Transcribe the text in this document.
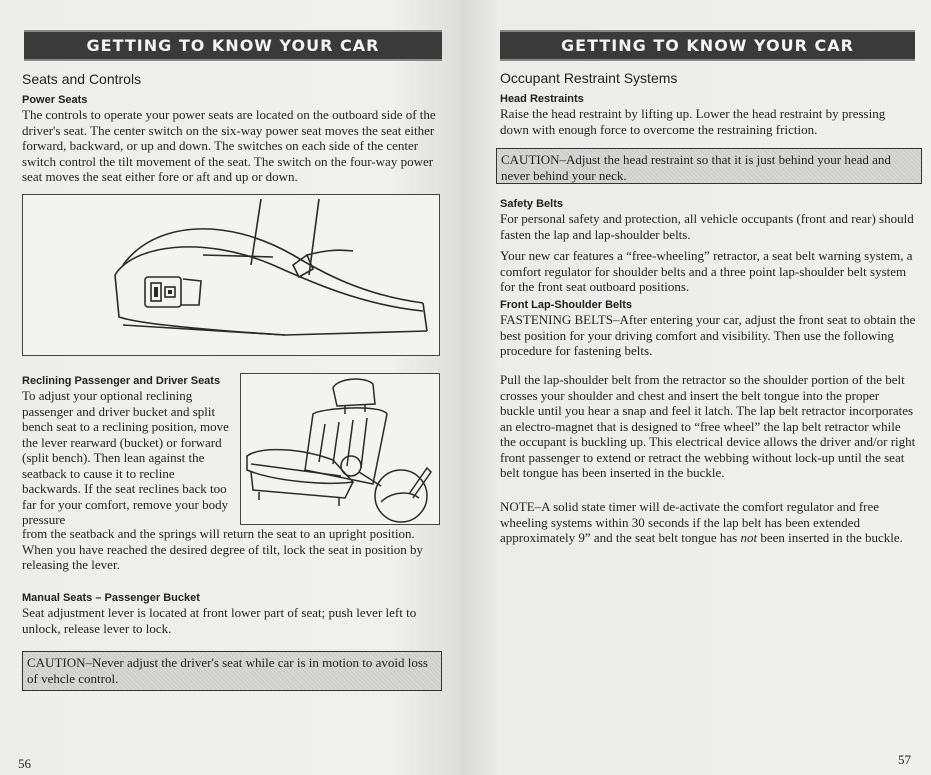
GETTING TO KNOW YOUR CAR
Seats and Controls
Power Seats

The controls to operate your power seats are located on the outboard side of the driver's seat. The center switch on the six-way power seat moves the seat either forward, backward, or up and down. The switches on each side of the center switch control the tilt movement of the seat. The switch on the four-way power seat moves the seat either fore or aft and up or down.

Reclining Passenger and Driver Seats

To adjust your optional reclining passenger and driver bucket and split bench seat to a reclining position, move the lever rearward (bucket) or forward (split bench). Then lean against the seatback to cause it to recline backwards. If the seat reclines back too far for your comfort, remove your body pressure

from the seatback and the springs will return the seat to an upright position. When you have reached the desired degree of tilt, lock the seat in position by releasing the lever.

Manual Seats – Passenger Bucket

Seat adjustment lever is located at front lower part of seat; push lever left to unlock, release lever to lock.

CAUTION–Never adjust the driver's seat while car is in motion to avoid loss of vehcle control.
56
GETTING TO KNOW YOUR CAR
Occupant Restraint Systems
Head Restraints

Raise the head restraint by lifting up. Lower the head restraint by pressing down with enough force to overcome the restraining friction.

CAUTION–Adjust the head restraint so that it is just behind your head and never behind your neck.
Safety Belts

For personal safety and protection, all vehicle occupants (front and rear) should fasten the lap and lap-shoulder belts.

Your new car features a “free-wheeling” retractor, a seat belt warning system, a comfort regulator for shoulder belts and a three point lap-shoulder belt system for the front seat outboard positions.

Front Lap-Shoulder Belts

FASTENING BELTS–After entering your car, adjust the front seat to obtain the best position for your driving comfort and visibility. Then use the following procedure for fastening belts.

Pull the lap-shoulder belt from the retractor so the shoulder portion of the belt crosses your shoulder and chest and insert the belt tongue into the proper buckle until you hear a snap and feel it latch. The lap belt retractor incorporates an electro-magnet that is designed to “free wheel” the lap belt retractor while the occupant is buckling up. This electrical device allows the driver and/or right front passenger to extend or retract the webbing without lock-up until the seat belt tongue has been inserted in the buckle.

NOTE–A solid state timer will de-activate the comfort regulator and free wheeling systems within 30 seconds if the lap belt has been extended approximately 9” and the seat belt tongue has not been inserted in the buckle.

57
